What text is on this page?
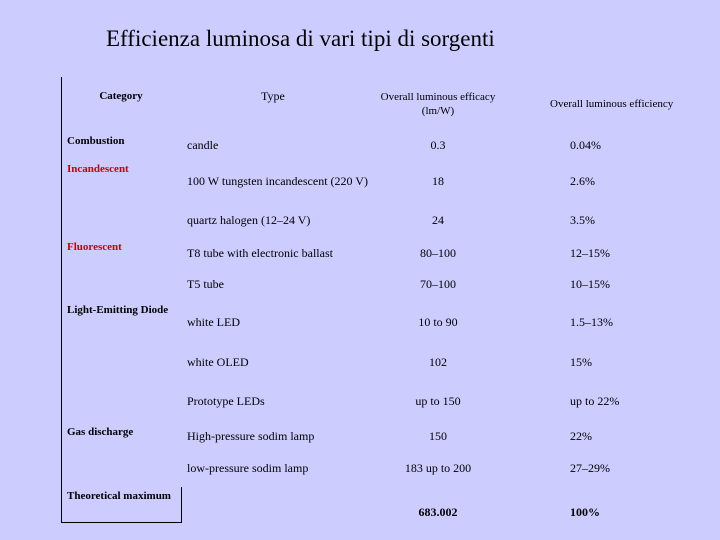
Efficienza luminosa di vari tipi di sorgenti
Category	Type	Overall luminous efficacy (lm/W)	Overall luminous efficiency
Combustion	candle	0.3	0.04%
Incandescent	100 W tungsten incandescent (220 V)	18	2.6%
	quartz halogen (12–24 V)	24	3.5%
Fluorescent	T8 tube with electronic ballast	80–100	12–15%
	T5 tube	70–100	10–15%
Light-Emitting Diode	white LED	10 to 90	1.5–13%
	white OLED	102	15%
	Prototype LEDs	up to 150	up to 22%
Gas discharge	High-pressure sodim lamp	150	22%
	low-pressure sodim lamp	183 up to 200	27–29%
Theoretical maximum		683.002	100%
